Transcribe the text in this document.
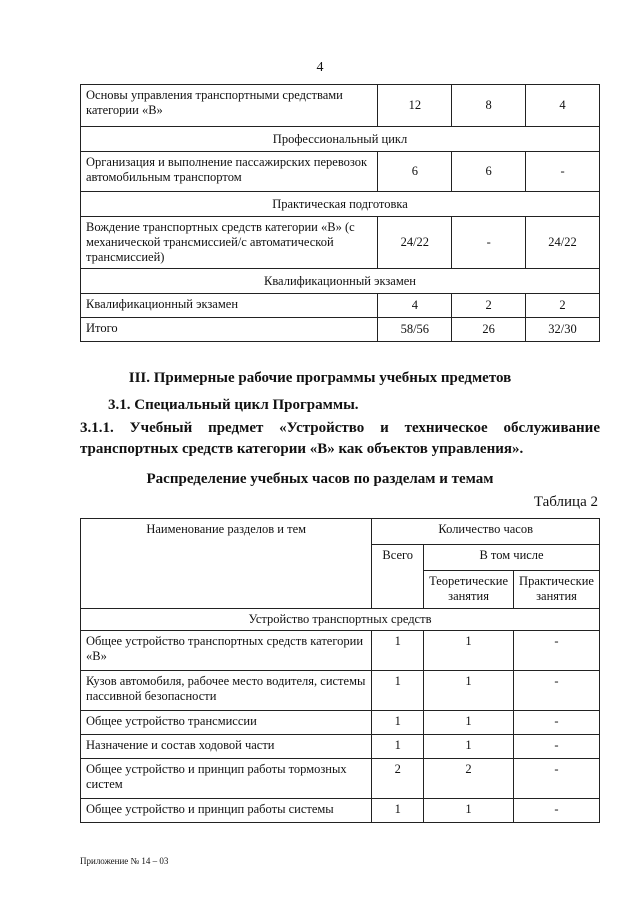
4
Основы управления транспортными средствами категории «В»	12	8	4
Профессиональный цикл			
Организация и выполнение пассажирских перевозок автомобильным транспортом	6	6	-
Практическая подготовка			
Вождение транспортных средств категории «В» (с механической трансмиссией/с автоматической трансмиссией)	24/22	-	24/22
Квалификационный экзамен			
Квалификационный экзамен	4	2	2
Итого	58/56	26	32/30
III. Примерные рабочие программы учебных предметов
3.1. Специальный цикл Программы.
3.1.1. Учебный предмет «Устройство и техническое обслуживание транспортных средств категории «В» как объектов управления».
Распределение учебных часов по разделам и темам
Таблица 2
Наименование разделов и тем	Количество часов		
	Всего	В том числе	
		Теоретические занятия	Практические занятия
Устройство транспортных средств			
Общее устройство транспортных средств категории «В»	1	1	-
Кузов автомобиля, рабочее место водителя, системы пассивной безопасности	1	1	-
Общее устройство трансмиссии	1	1	-
Назначение и состав ходовой части	1	1	-
Общее устройство и принцип работы тормозных систем	2	2	-
Общее устройство и принцип работы системы	1	1	-
Приложение № 14 – 03
